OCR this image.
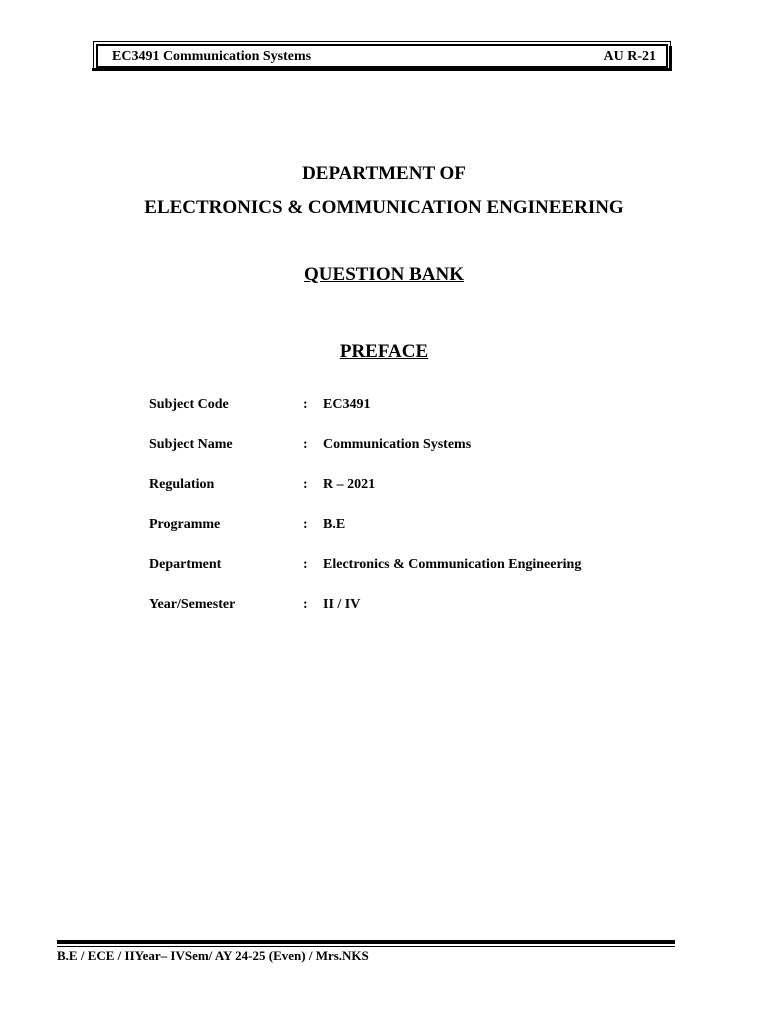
EC3491 Communication Systems	AU R-21
DEPARTMENT OF
ELECTRONICS & COMMUNICATION ENGINEERING
QUESTION BANK
PREFACE
Subject Code	: EC3491
Subject Name	: Communication Systems
Regulation	: R – 2021
Programme	: B.E
Department	: Electronics & Communication Engineering
Year/Semester	: II / IV
B.E / ECE / IIYear– IVSem/ AY 24-25 (Even) / Mrs.NKS
